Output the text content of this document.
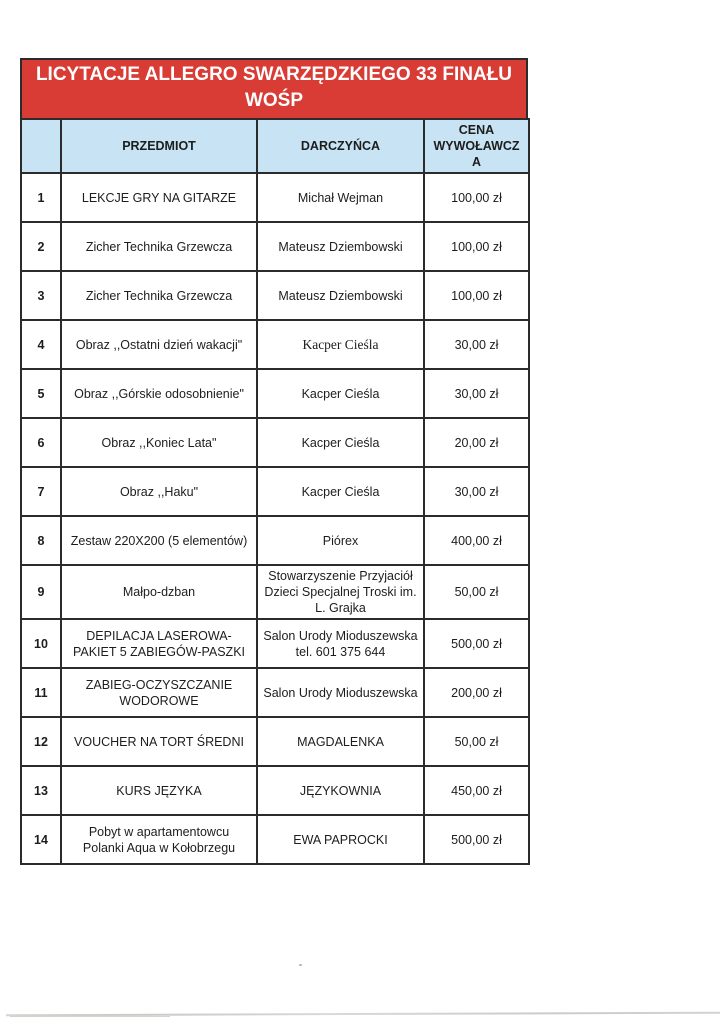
LICYTACJE ALLEGRO SWARZĘDZKIEGO 33 FINAŁU
WOŚP
	PRZEDMIOT	DARCZYŃCA	CENA WYWOŁAWCZA
1	LEKCJE GRY NA GITARZE	Michał Wejman	100,00 zł
2	Zicher Technika Grzewcza	Mateusz Dziembowski	100,00 zł
3	Zicher Technika Grzewcza	Mateusz Dziembowski	100,00 zł
4	Obraz ,,Ostatni dzień wakacji"	Kacper Cieśla	30,00 zł
5	Obraz ,,Górskie odosobnienie"	Kacper Cieśla	30,00 zł
6	Obraz ,,Koniec Lata"	Kacper Cieśla	20,00 zł
7	Obraz ,,Haku"	Kacper Cieśla	30,00 zł
8	Zestaw 220X200 (5 elementów)	Piórex	400,00 zł
9	Małpo-dzban	Stowarzyszenie Przyjaciół Dzieci Specjalnej Troski im. L. Grajka	50,00 zł
10	DEPILACJA LASEROWA-PAKIET 5 ZABIEGÓW-PASZKI	Salon Urody Mioduszewska tel. 601 375 644	500,00 zł
11	ZABIEG-OCZYSZCZANIE WODOROWE	Salon Urody Mioduszewska	200,00 zł
12	VOUCHER NA TORT ŚREDNI	MAGDALENKA	50,00 zł
13	KURS JĘZYKA	JĘZYKOWNIA	450,00 zł
14	Pobyt w apartamentowcu Polanki Aqua w Kołobrzegu	EWA PAPROCKI	500,00 zł
